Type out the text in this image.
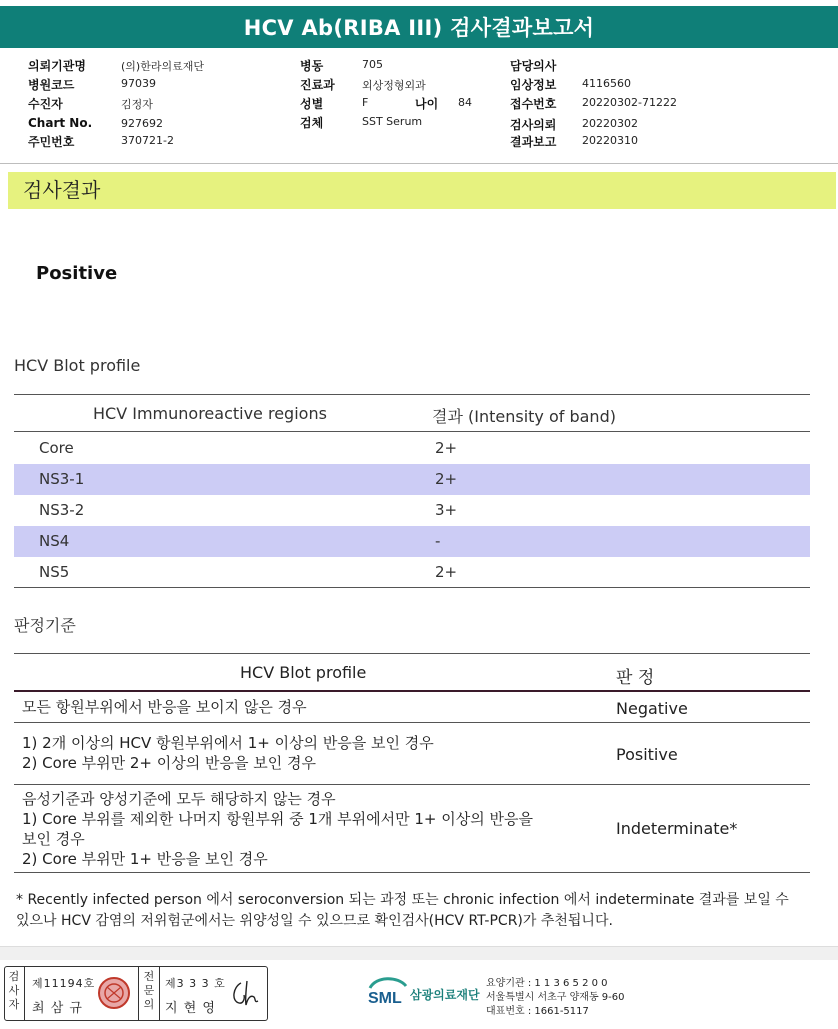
HCV Ab(RIBA III) 검사결과보고서
의뢰기관명	(의)한라의료재단
병원코드	97039
수진자	김정자
Chart No.	927692
주민번호	370721-2
병동	705
진료과 외상정형외과
성별	F	나이 84
검체	SST Serum
담당의사
임상정보 4116560
접수번호 20220302-71222
검사의뢰 20220302
결과보고 20220310
검사결과
Positive
HCV Blot profile
HCV Immunoreactive regions	결과 (Intensity of band)
Core	2+
NS3-1	2+
NS3-2	3+
NS4	-
NS5	2+
판정기준
HCV Blot profile	판 정
모든 항원부위에서 반응을 보이지 않은 경우	Negative
1) 2개 이상의 HCV 항원부위에서 1+ 이상의 반응을 보인 경우
2) Core 부위만 2+ 이상의 반응을 보인 경우	Positive
음성기준과 양성기준에 모두 해당하지 않는 경우
1) Core 부위를 제외한 나머지 항원부위 중 1개 부위에서만 1+ 이상의 반응을
보인 경우
2) Core 부위만 1+ 반응을 보인 경우
Indeterminate*
* Recently infected person 에서 seroconversion 되는 과정 또는 chronic infection 에서 indeterminate 결과를 보일 수
있으나 HCV 감염의 저위험군에서는 위양성일 수 있으므로 확인검사(HCV RT-PCR)가 추천됩니다.
검사자
제11194호
최 삼 규
전문의
제3 3 3 호
지 현 영
SML 삼광의료재단
요양기관 : 1 1 3 6 5 2 0 0
서울특별시 서초구 양재동 9-60
대표번호 : 1661-5117
